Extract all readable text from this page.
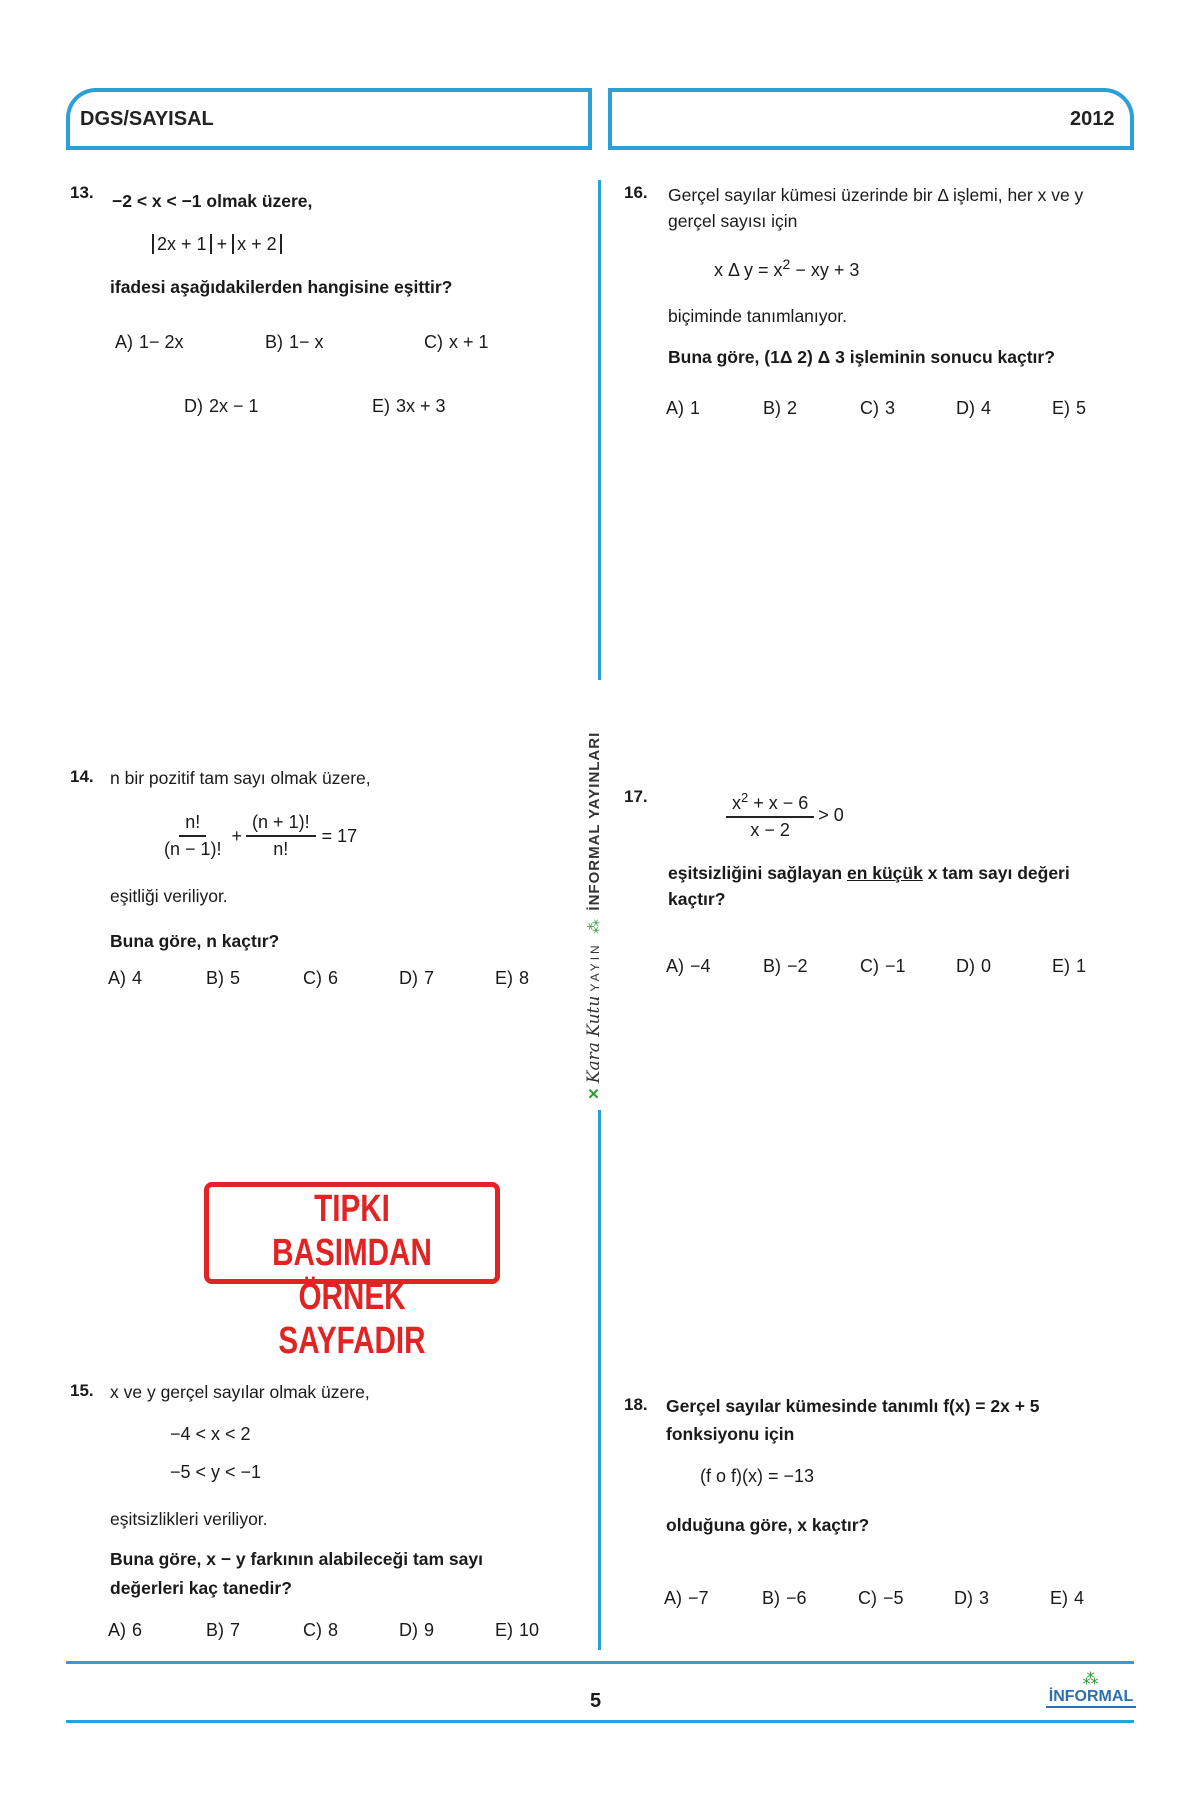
DGS/SAYISAL	2012
✕ Kara Kutu YAYIN  ⁂  İNFORMAL YAYINLARI
13. −2 < x < −1 olmak üzere,
2x + 1 + x + 2
ifadesi aşağıdakilerden hangisine eşittir?
A) 1− 2x	B) 1− x	C) x + 1
D) 2x − 1	E) 3x + 3
14. n bir pozitif tam sayı olmak üzere,
$\frac{n!}{(n - 1)!} + \frac{(n + 1)!}{n!} = 17$
eşitliği veriliyor.
Buna göre, n kaçtır?
A) 4	B) 5	C) 6	D) 7	E) 8
TIPKI BASIMDAN
ÖRNEK SAYFADIR
15. x ve y gerçel sayılar olmak üzere,
−4 < x < 2
−5 < y < −1
eşitsizlikleri veriliyor.
Buna göre, x − y farkının alabileceği tam sayı
değerleri kaç tanedir?
A) 6	B) 7	C) 8	D) 9	E) 10
16. Gerçel sayılar kümesi üzerinde bir Δ işlemi, her x ve y
gerçel sayısı için
x Δ $y = x^2$ − xy + 3
biçiminde tanımlanıyor.
Buna göre, (1Δ 2) Δ 3 işleminin sonucu kaçtır?
A) 1	B) 2	C) 3	D) 4	E) 5
17.	$\frac{x^2 + x - 6}{x - 2} > 0$
eşitsizliğini sağlayan en küçük x tam sayı değeri
kaçtır?
A) −4	B) −2	C) −1	D) 0	E) 1
18. Gerçel sayılar kümesinde tanımlı f(x) = 2x + 5
fonksiyonu için
(f o f)(x) = −13
olduğuna göre, x kaçtır?
A) −7	B) −6	C) −5	D) 3	E) 4
5
⁂
İNFORMAL
